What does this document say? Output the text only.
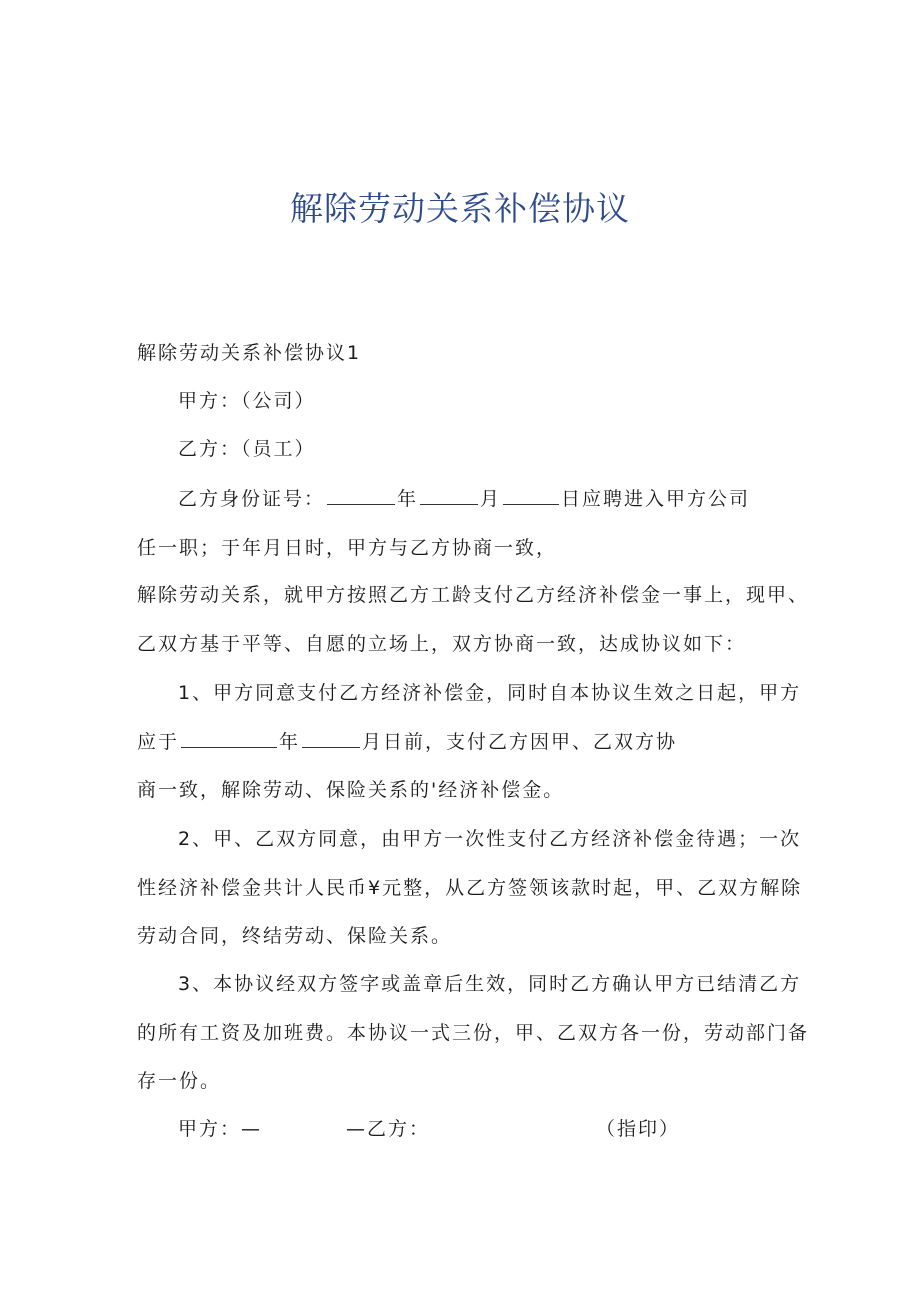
解除劳动关系补偿协议
解除劳动关系补偿协议1
甲方：（公司）
乙方：（员工）
乙方身份证号：	年	月	日应聘进入甲方公司
任一职；于年月日时，甲方与乙方协商一致，
解除劳动关系，就甲方按照乙方工龄支付乙方经济补偿金一事上，现甲、
乙双方基于平等、自愿的立场上，双方协商一致，达成协议如下：
1、甲方同意支付乙方经济补偿金，同时自本协议生效之日起，甲方
应于	年	月日前，支付乙方因甲、乙双方协
商一致，解除劳动、保险关系的'经济补偿金。
2、甲、乙双方同意，由甲方一次性支付乙方经济补偿金待遇；一次
性经济补偿金共计人民币¥元整，从乙方签领该款时起，甲、乙双方解除
劳动合同，终结劳动、保险关系。
3、本协议经双方签字或盖章后生效，同时乙方确认甲方已结清乙方
的所有工资及加班费。本协议一式三份，甲、乙双方各一份，劳动部门备
存一份。
甲方：—	—乙方：	（指印）
